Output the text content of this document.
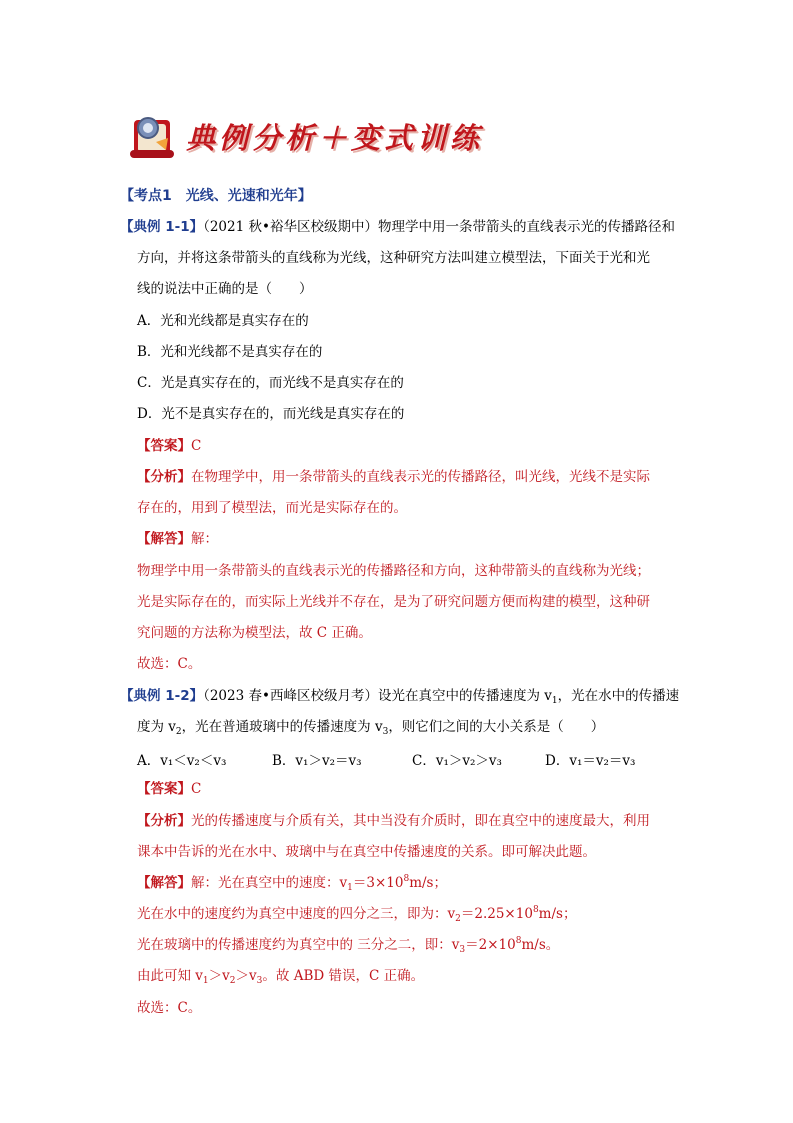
典例分析＋变式训练
【考点1　光线、光速和光年】
【典例 1-1】（2021 秋•裕华区校级期中）物理学中用一条带箭头的直线表示光的传播路径和
方向，并将这条带箭头的直线称为光线，这种研究方法叫建立模型法，下面关于光和光
线的说法中正确的是（　　）
A．光和光线都是真实存在的
B．光和光线都不是真实存在的
C．光是真实存在的，而光线不是真实存在的
D．光不是真实存在的，而光线是真实存在的
【答案】C
【分析】在物理学中，用一条带箭头的直线表示光的传播路径，叫光线，光线不是实际
存在的，用到了模型法，而光是实际存在的。
【解答】解：
物理学中用一条带箭头的直线表示光的传播路径和方向，这种带箭头的直线称为光线；
光是实际存在的，而实际上光线并不存在，是为了研究问题方便而构建的模型，这种研
究问题的方法称为模型法，故 C 正确。
故选：C。
【典例 1-2】（2023 春•西峰区校级月考）设光在真空中的传播速度为 $v_1$，光在水中的传播速
度为 $v_2$，光在普通玻璃中的传播速度为 $v_3$，则它们之间的大小关系是（　　）
A．v₁＜v₂＜v₃	B．v₁＞v₂＝v₃	C．v₁＞v₂＞v₃	D．v₁＝v₂＝v₃
【答案】C
【分析】光的传播速度与介质有关，其中当没有介质时，即在真空中的速度最大，利用
课本中告诉的光在水中、玻璃中与在真空中传播速度的关系。即可解决此题。
【解答】解：光在真空中的速度：$v_1=3\times 10^8m/s$；
光在水中的速度约为真空中速度的四分之三，即为：$v_2=2.25\times 10^8m/s$；
光在玻璃中的传播速度约为真空中的 三分之二，即：$v_3=2\times 10^8m/s$。
由此可知 $v_1>v_2>v_3$。故 ABD 错误，C 正确。
故选：C。
